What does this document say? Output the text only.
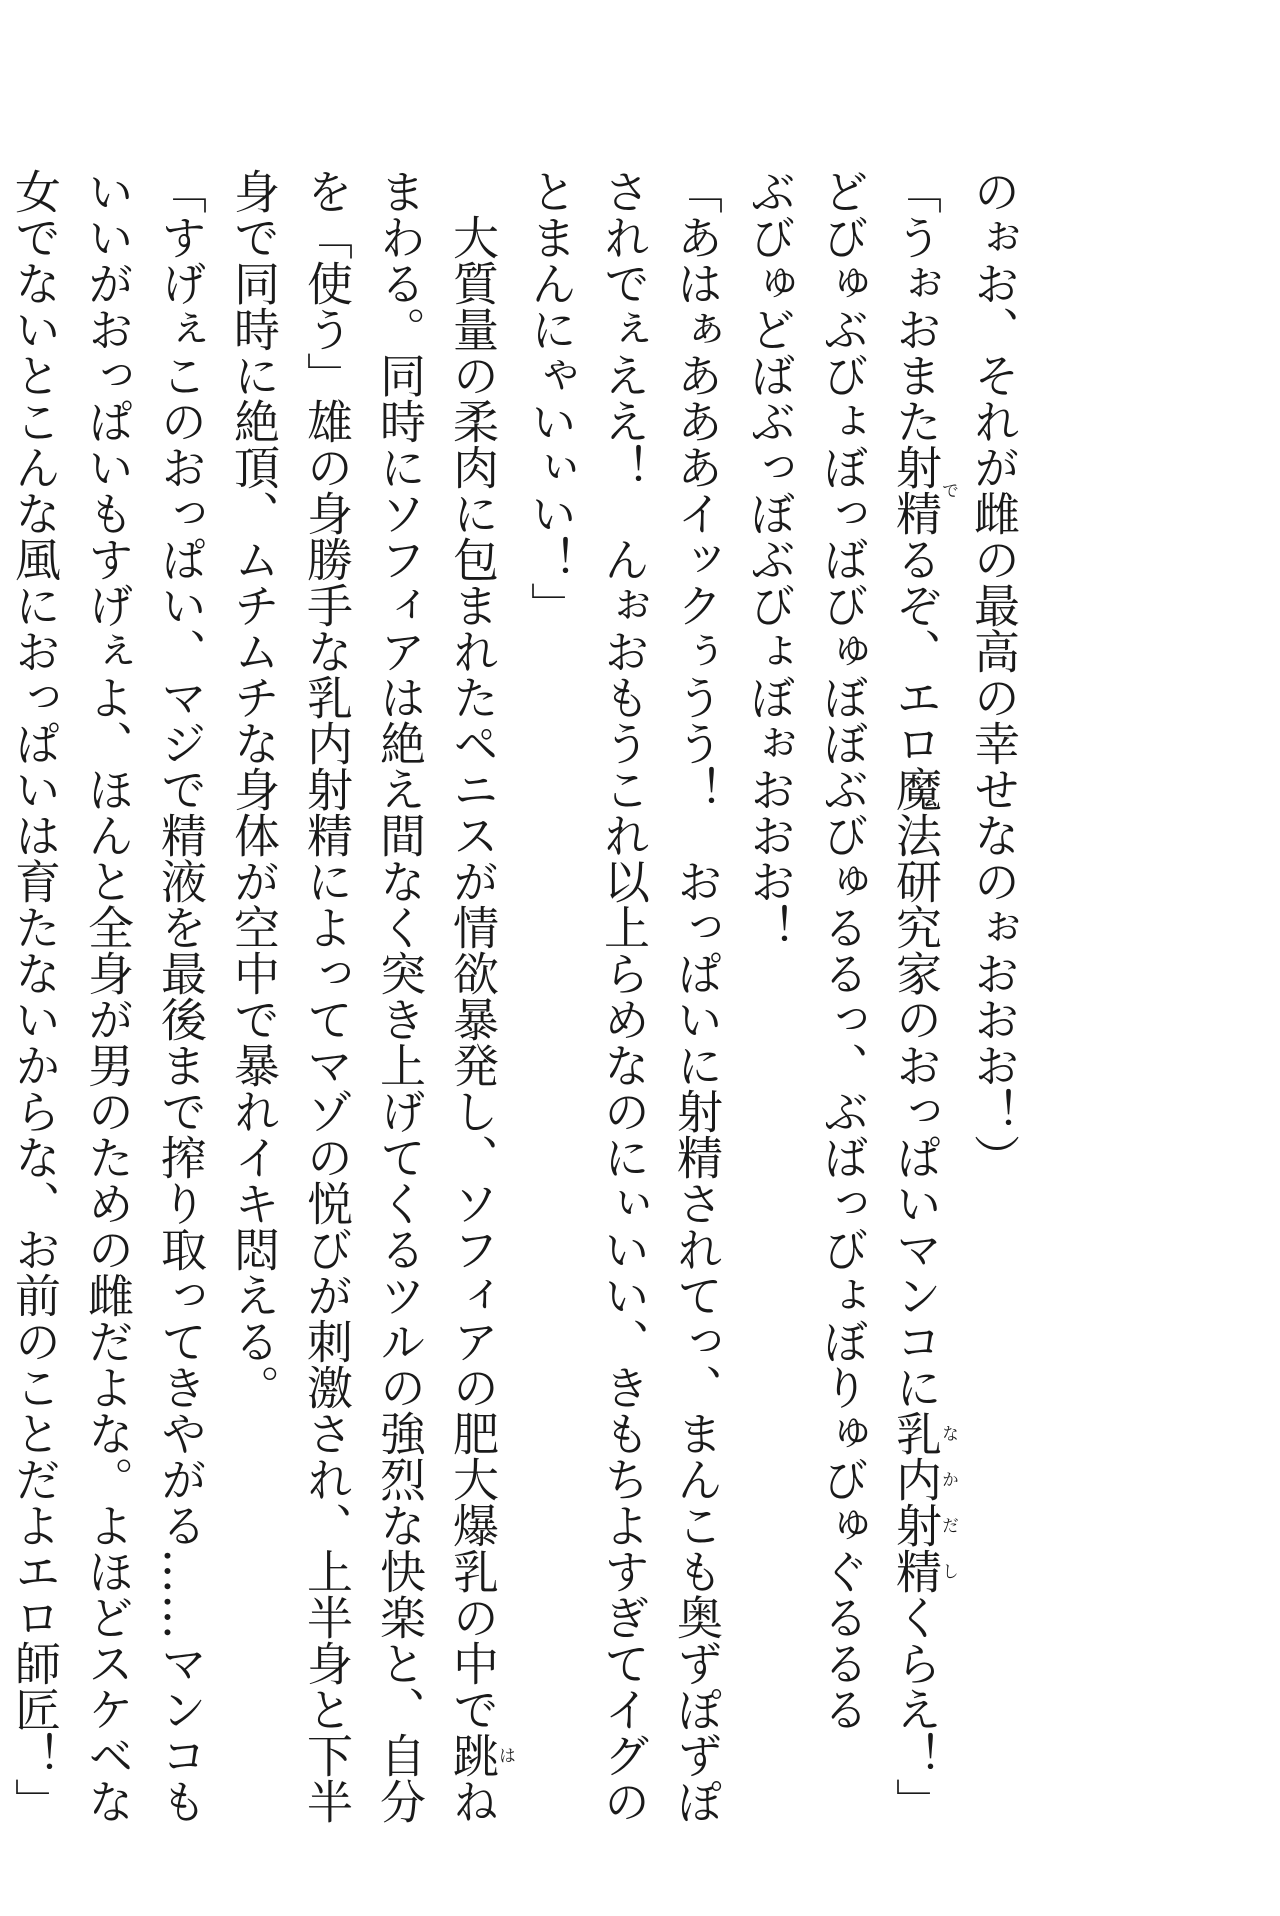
のぉお、それが雌の最高の幸せなのぉおおお！）
「うぉおまた射精でるぞ、エロ魔法研究家のおっぱいマンコに乳内射精なかだしくらえ！」
どびゅぶびょぼっばびゅぼぼぶびゅるるっ、ぶばっびょぼりゅびゅぐるるる
ぶびゅどばぶっぼぶびょぼぉおおお！
「あはぁあああイックぅうう！　おっぱいに射精されてっ、まんこも奥ずぽずぽ
されでぇええ！　んぉおもうこれ以上らめなのにぃいい、きもちよすぎてイグの
とまんにゃいぃい！」
　大質量の柔肉に包まれたペニスが情欲暴発し、ソフィアの肥大爆乳の中で跳はね
まわる。同時にソフィアは絶え間なく突き上げてくるツルの強烈な快楽と、自分
を「使う」雄の身勝手な乳内射精によってマゾの悦びが刺激され、上半身と下半
身で同時に絶頂、ムチムチな身体が空中で暴れイキ悶える。
「すげぇこのおっぱい、マジで精液を最後まで搾り取ってきやがる……マンコも
いいがおっぱいもすげぇよ、ほんと全身が男のための雌だよな。よほどスケベな
女でないとこんな風におっぱいは育たないからな、お前のことだよエロ師匠！」
